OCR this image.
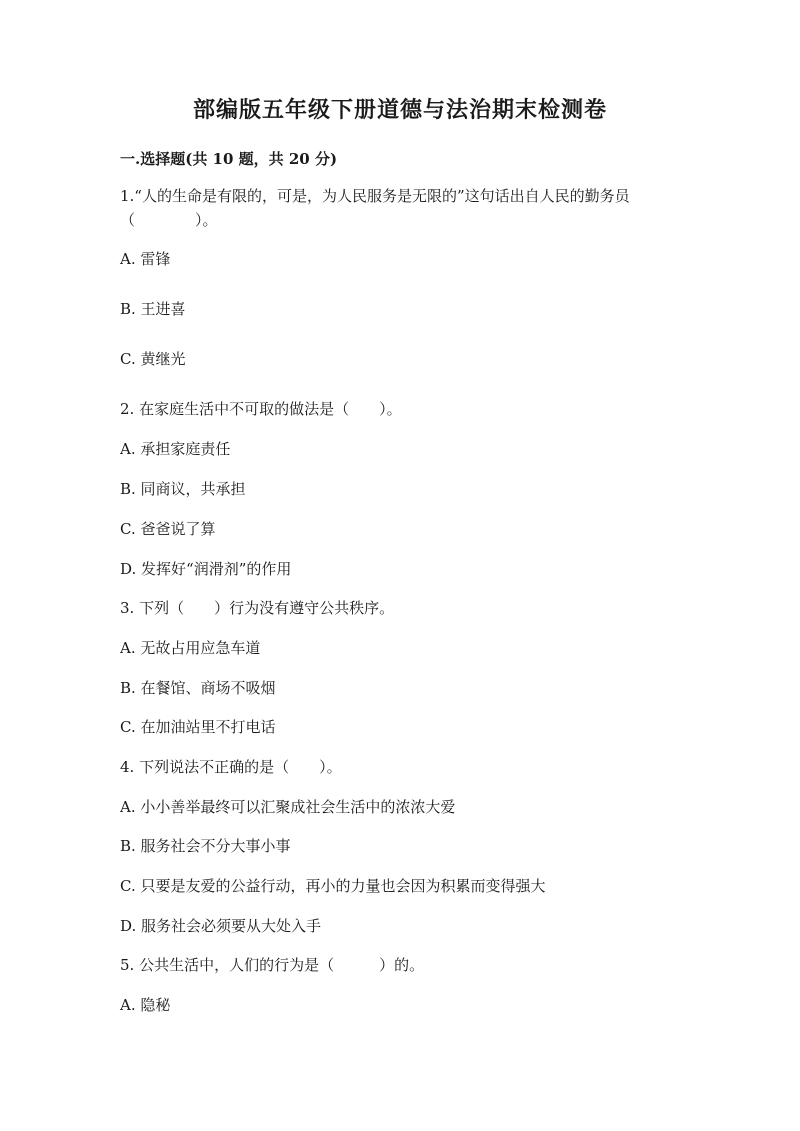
部编版五年级下册道德与法治期末检测卷

一.选择题(共 10 题，共 20 分)

1.“人的生命是有限的，可是，为人民服务是无限的”这句话出自人民的勤务员（　　　　）。

A. 雷锋

B. 王进喜

C. 黄继光

2. 在家庭生活中不可取的做法是（　　）。

A. 承担家庭责任

B. 同商议，共承担

C. 爸爸说了算

D. 发挥好“润滑剂”的作用

3. 下列（　　）行为没有遵守公共秩序。

A. 无故占用应急车道

B. 在餐馆、商场不吸烟

C. 在加油站里不打电话

4. 下列说法不正确的是（　　）。

A. 小小善举最终可以汇聚成社会生活中的浓浓大爱

B. 服务社会不分大事小事

C. 只要是友爱的公益行动，再小的力量也会因为积累而变得强大

D. 服务社会必须要从大处入手

5. 公共生活中，人们的行为是（　　　）的。

A. 隐秘
